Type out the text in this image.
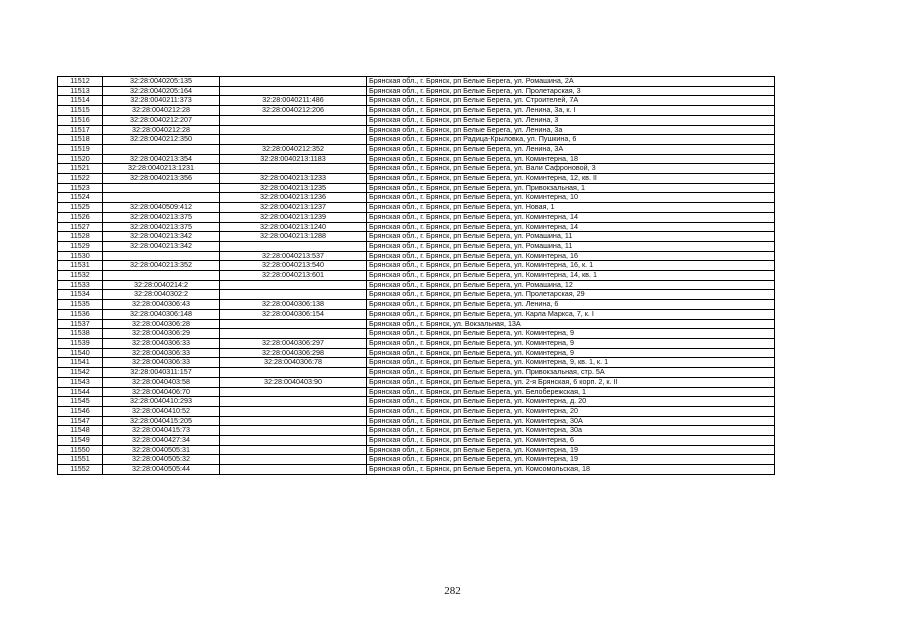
11512	32:28:0040205:135		Брянская обл., г. Брянск, рп Белые Берега, ул. Ромашина, 2А
11513	32:28:0040205:164		Брянская обл., г. Брянск, рп Белые Берега, ул. Пролетарская, 3
11514	32:28:0040211:373	32:28:0040211:486	Брянская обл., г. Брянск, рп Белые Берега, ул. Строителей, 7А
11515	32:28:0040212:28	32:28:0040212:206	Брянская обл., г. Брянск, рп Белые Берега, ул. Ленина, 3а, к. I
11516	32:28:0040212:207		Брянская обл., г. Брянск, рп Белые Берега, ул. Ленина, 3
11517	32:28:0040212:28		Брянская обл., г. Брянск, рп Белые Берега, ул. Ленина, 3а
11518	32:28:0040212:350		Брянская обл., г. Брянск, рп Радица-Крыловка, ул. Пушкина, 6
11519		32:28:0040212:352	Брянская обл., г. Брянск, рп Белые Берега, ул. Ленина, 3А
11520	32:28:0040213:354	32:28:0040213:1183	Брянская обл., г. Брянск, рп Белые Берега, ул. Коминтерна, 18
11521	32:28:0040213:1231		Брянская обл., г. Брянск, рп Белые Берега, ул. Вали Сафроновой, 3
11522	32:28:0040213:356	32:28:0040213:1233	Брянская обл., г. Брянск, рп Белые Берега, ул. Коминтерна, 12, кв. II
11523		32:28:0040213:1235	Брянская обл., г. Брянск, рп Белые Берега, ул. Привокзальная, 1
11524		32:28:0040213:1236	Брянская обл., г. Брянск, рп Белые Берега, ул. Коминтерна, 10
11525	32:28:0040509:412	32:28:0040213:1237	Брянская обл., г. Брянск, рп Белые Берега, ул. Новая, 1
11526	32:28:0040213:375	32:28:0040213:1239	Брянская обл., г. Брянск, рп Белые Берега, ул. Коминтерна, 14
11527	32:28:0040213:375	32:28:0040213:1240	Брянская обл., г. Брянск, рп Белые Берега, ул. Коминтерна, 14
11528	32:28:0040213:342	32:28:0040213:1288	Брянская обл., г. Брянск, рп Белые Берега, ул. Ромашина, 11
11529	32:28:0040213:342		Брянская обл., г. Брянск, рп Белые Берега, ул. Ромашина, 11
11530		32:28:0040213:537	Брянская обл., г. Брянск, рп Белые Берега, ул. Коминтерна, 16
11531	32:28:0040213:352	32:28:0040213:540	Брянская обл., г. Брянск, рп Белые Берега, ул. Коминтерна, 16, к. 1
11532		32:28:0040213:601	Брянская обл., г. Брянск, рп Белые Берега, ул. Коминтерна, 14, кв. 1
11533	32:28:0040214:2		Брянская обл., г. Брянск, рп Белые Берега, ул. Ромашина, 12
11534	32:28:0040302:2		Брянская обл., г. Брянск, рп Белые Берега, ул. Пролетарская, 29
11535	32:28:0040306:43	32:28:0040306:138	Брянская обл., г. Брянск, рп Белые Берега, ул. Ленина, 6
11536	32:28:0040306:148	32:28:0040306:154	Брянская обл., г. Брянск, рп Белые Берега, ул. Карла Маркса, 7, к. I
11537	32:28:0040306:28		Брянская обл., г. Брянск, ул. Вокзальная, 13А
11538	32:28:0040306:29		Брянская обл., г. Брянск, рп Белые Берега, ул. Коминтерна, 9
11539	32:28:0040306:33	32:28:0040306:297	Брянская обл., г. Брянск, рп Белые Берега, ул. Коминтерна, 9
11540	32:28:0040306:33	32:28:0040306:298	Брянская обл., г. Брянск, рп Белые Берега, ул. Коминтерна, 9
11541	32:28:0040306:33	32:28:0040306:78	Брянская обл., г. Брянск, рп Белые Берега, ул. Коминтерна, 9, кв. 1, к. 1
11542	32:28:0040311:157		Брянская обл., г. Брянск, рп Белые Берега, ул. Привокзальная, стр. 5А
11543	32:28:0040403:58	32:28:0040403:90	Брянская обл., г. Брянск, рп Белые Берега, ул. 2-я Брянская, 6 корп. 2, к. II
11544	32:28:0040406:70		Брянская обл., г. Брянск, рп Белые Берега, ул. Белобережская, 1
11545	32:28:0040410:293		Брянская обл., г. Брянск, рп Белые Берега, ул. Коминтерна, д. 20
11546	32:28:0040410:52		Брянская обл., г. Брянск, рп Белые Берега, ул. Коминтерна, 20
11547	32:28:0040415:205		Брянская обл., г. Брянск, рп Белые Берега, ул. Коминтерна, 30А
11548	32:28:0040415:73		Брянская обл., г. Брянск, рп Белые Берега, ул. Коминтерна, 30а
11549	32:28:0040427:34		Брянская обл., г. Брянск, рп Белые Берега, ул. Коминтерна, 6
11550	32:28:0040505:31		Брянская обл., г. Брянск, рп Белые Берега, ул. Коминтерна, 19
11551	32:28:0040505:32		Брянская обл., г. Брянск, рп Белые Берега, ул. Коминтерна, 19
11552	32:28:0040505:44		Брянская обл., г. Брянск, рп Белые Берега, ул. Комсомольская, 18
282
